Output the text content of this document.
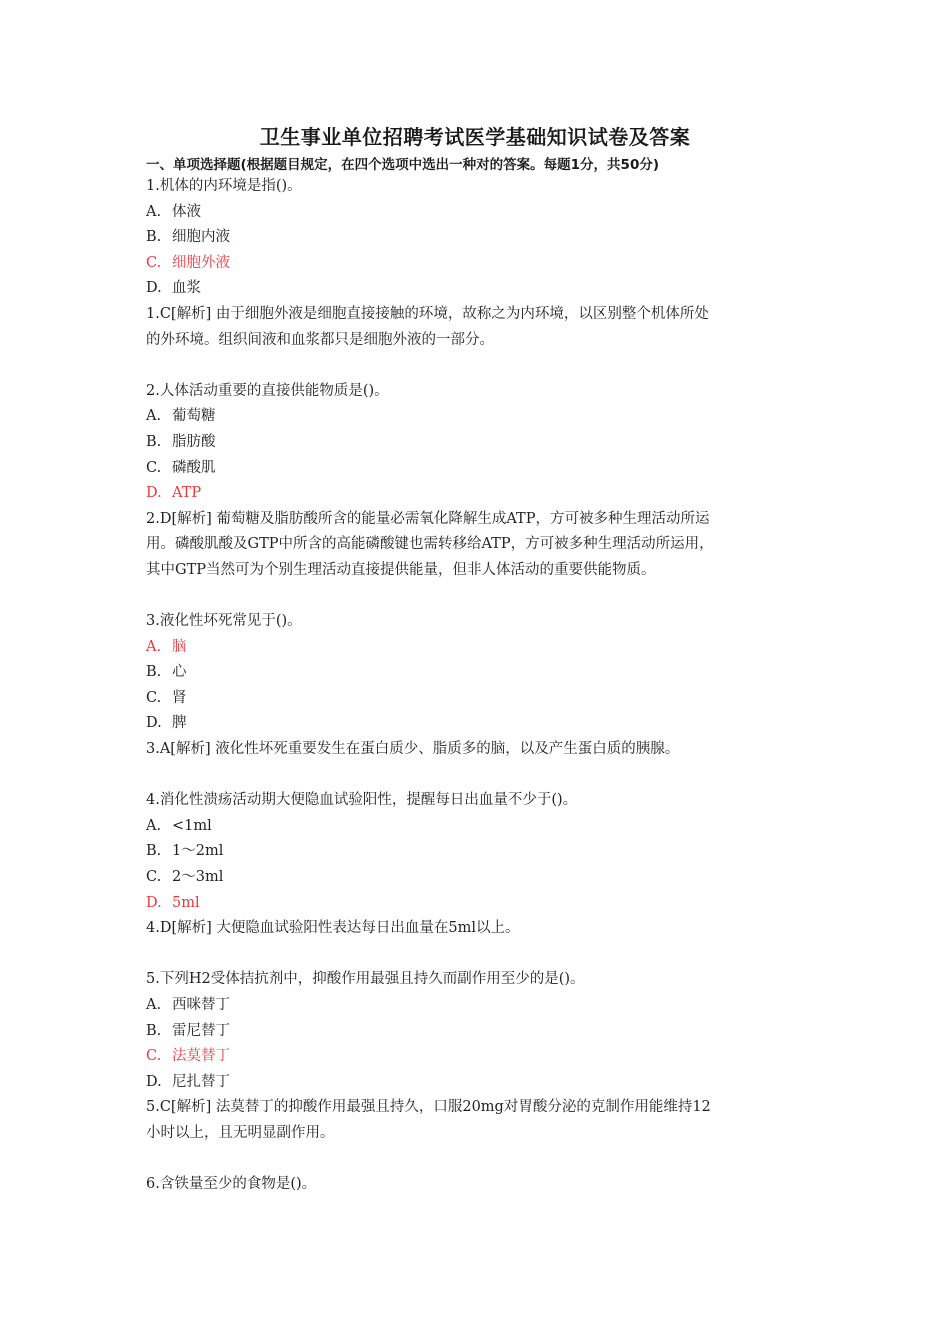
卫生事业单位招聘考试医学基础知识试卷及答案
一、单项选择题(根据题目规定，在四个选项中选出一种对的答案。每题1分，共50分)
1.机体的内环境是指()。
A. 体液
B. 细胞内液
C. 细胞外液
D. 血浆
1.C[解析] 由于细胞外液是细胞直接接触的环境，故称之为内环境，以区别整个机体所处
的外环境。组织间液和血浆都只是细胞外液的一部分。
2.人体活动重要的直接供能物质是()。
A. 葡萄糖
B. 脂肪酸
C. 磷酸肌
D. ATP
2.D[解析] 葡萄糖及脂肪酸所含的能量必需氧化降解生成ATP，方可被多种生理活动所运
用。磷酸肌酸及GTP中所含的高能磷酸键也需转移给ATP，方可被多种生理活动所运用，
其中GTP当然可为个别生理活动直接提供能量，但非人体活动的重要供能物质。
3.液化性坏死常见于()。
A. 脑
B. 心
C. 肾
D. 脾
3.A[解析] 液化性坏死重要发生在蛋白质少、脂质多的脑，以及产生蛋白质的胰腺。
4.消化性溃疡活动期大便隐血试验阳性，提醒每日出血量不少于()。
A. <1ml
B. 1～2ml
C. 2～3ml
D. 5ml
4.D[解析] 大便隐血试验阳性表达每日出血量在5ml以上。
5.下列H2受体拮抗剂中，抑酸作用最强且持久而副作用至少的是()。
A. 西咪替丁
B. 雷尼替丁
C. 法莫替丁
D. 尼扎替丁
5.C[解析] 法莫替丁的抑酸作用最强且持久，口服20mg对胃酸分泌的克制作用能维持12
小时以上，且无明显副作用。
6.含铁量至少的食物是()。
